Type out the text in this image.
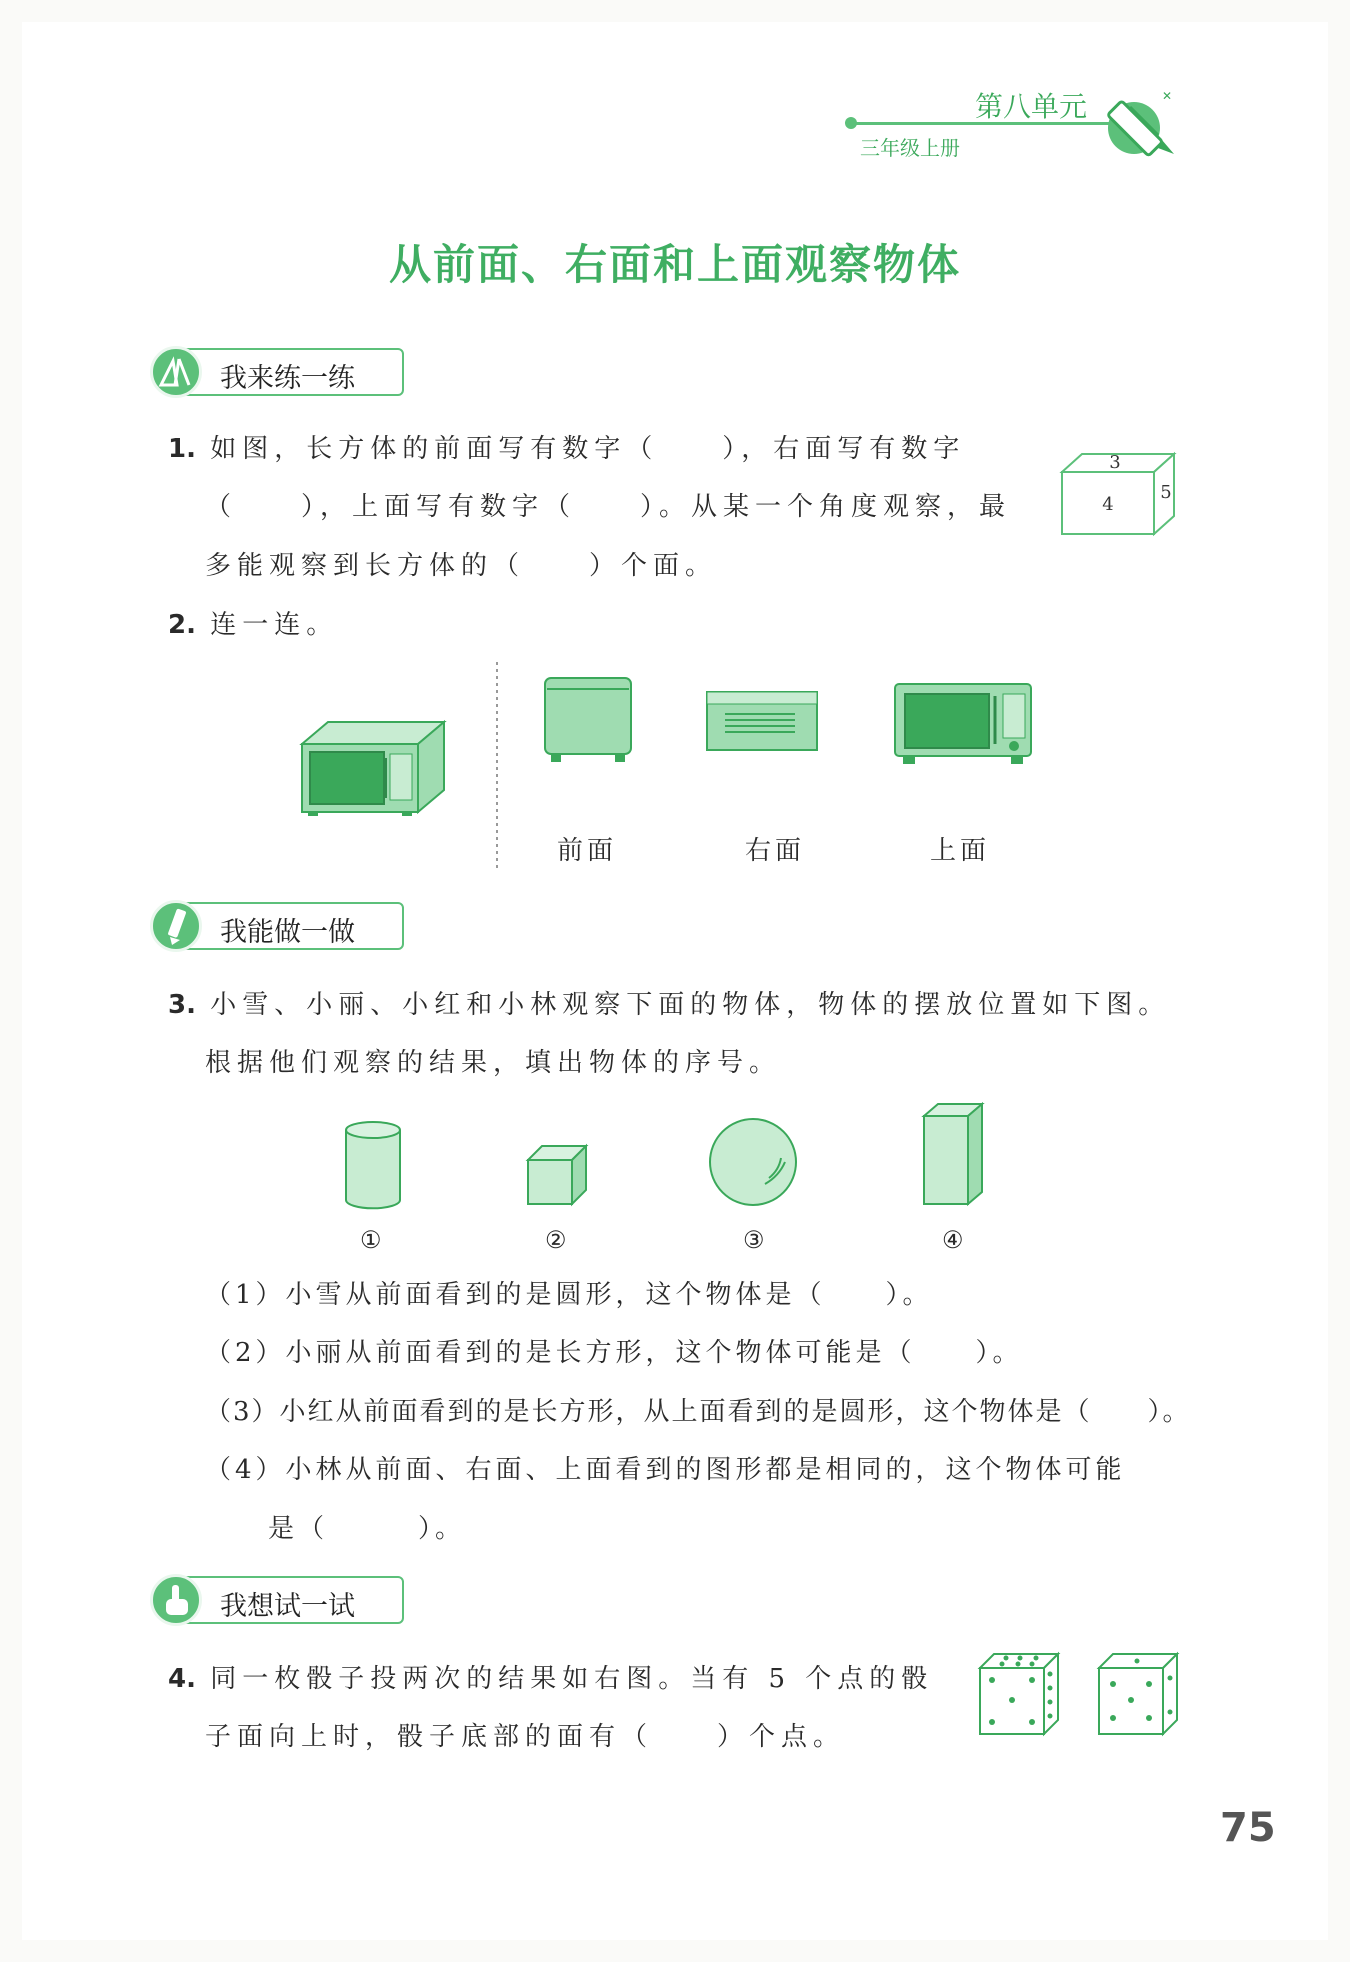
第八单元
三年级上册
✕
从前面、右面和上面观察物体
我来练一练
1. 如图，长方体的前面写有数字（　　），右面写有数字
（　　），上面写有数字（　　）。从某一个角度观察，最
多能观察到长方体的（　　）个面。
3
4
5
2. 连一连。
前面	右面	上面
我能做一做
3. 小雪、小丽、小红和小林观察下面的物体，物体的摆放位置如下图。
根据他们观察的结果，填出物体的序号。
①	②	③	④
（1）小雪从前面看到的是圆形，这个物体是（　　）。
（2）小丽从前面看到的是长方形，这个物体可能是（　　）。
（3）小红从前面看到的是长方形，从上面看到的是圆形，这个物体是（　　）。
（4）小林从前面、右面、上面看到的图形都是相同的，这个物体可能
是（　　　）。
我想试一试
4. 同一枚骰子投两次的结果如右图。当有 5 个点的骰
子面向上时，骰子底部的面有（　　）个点。
75
